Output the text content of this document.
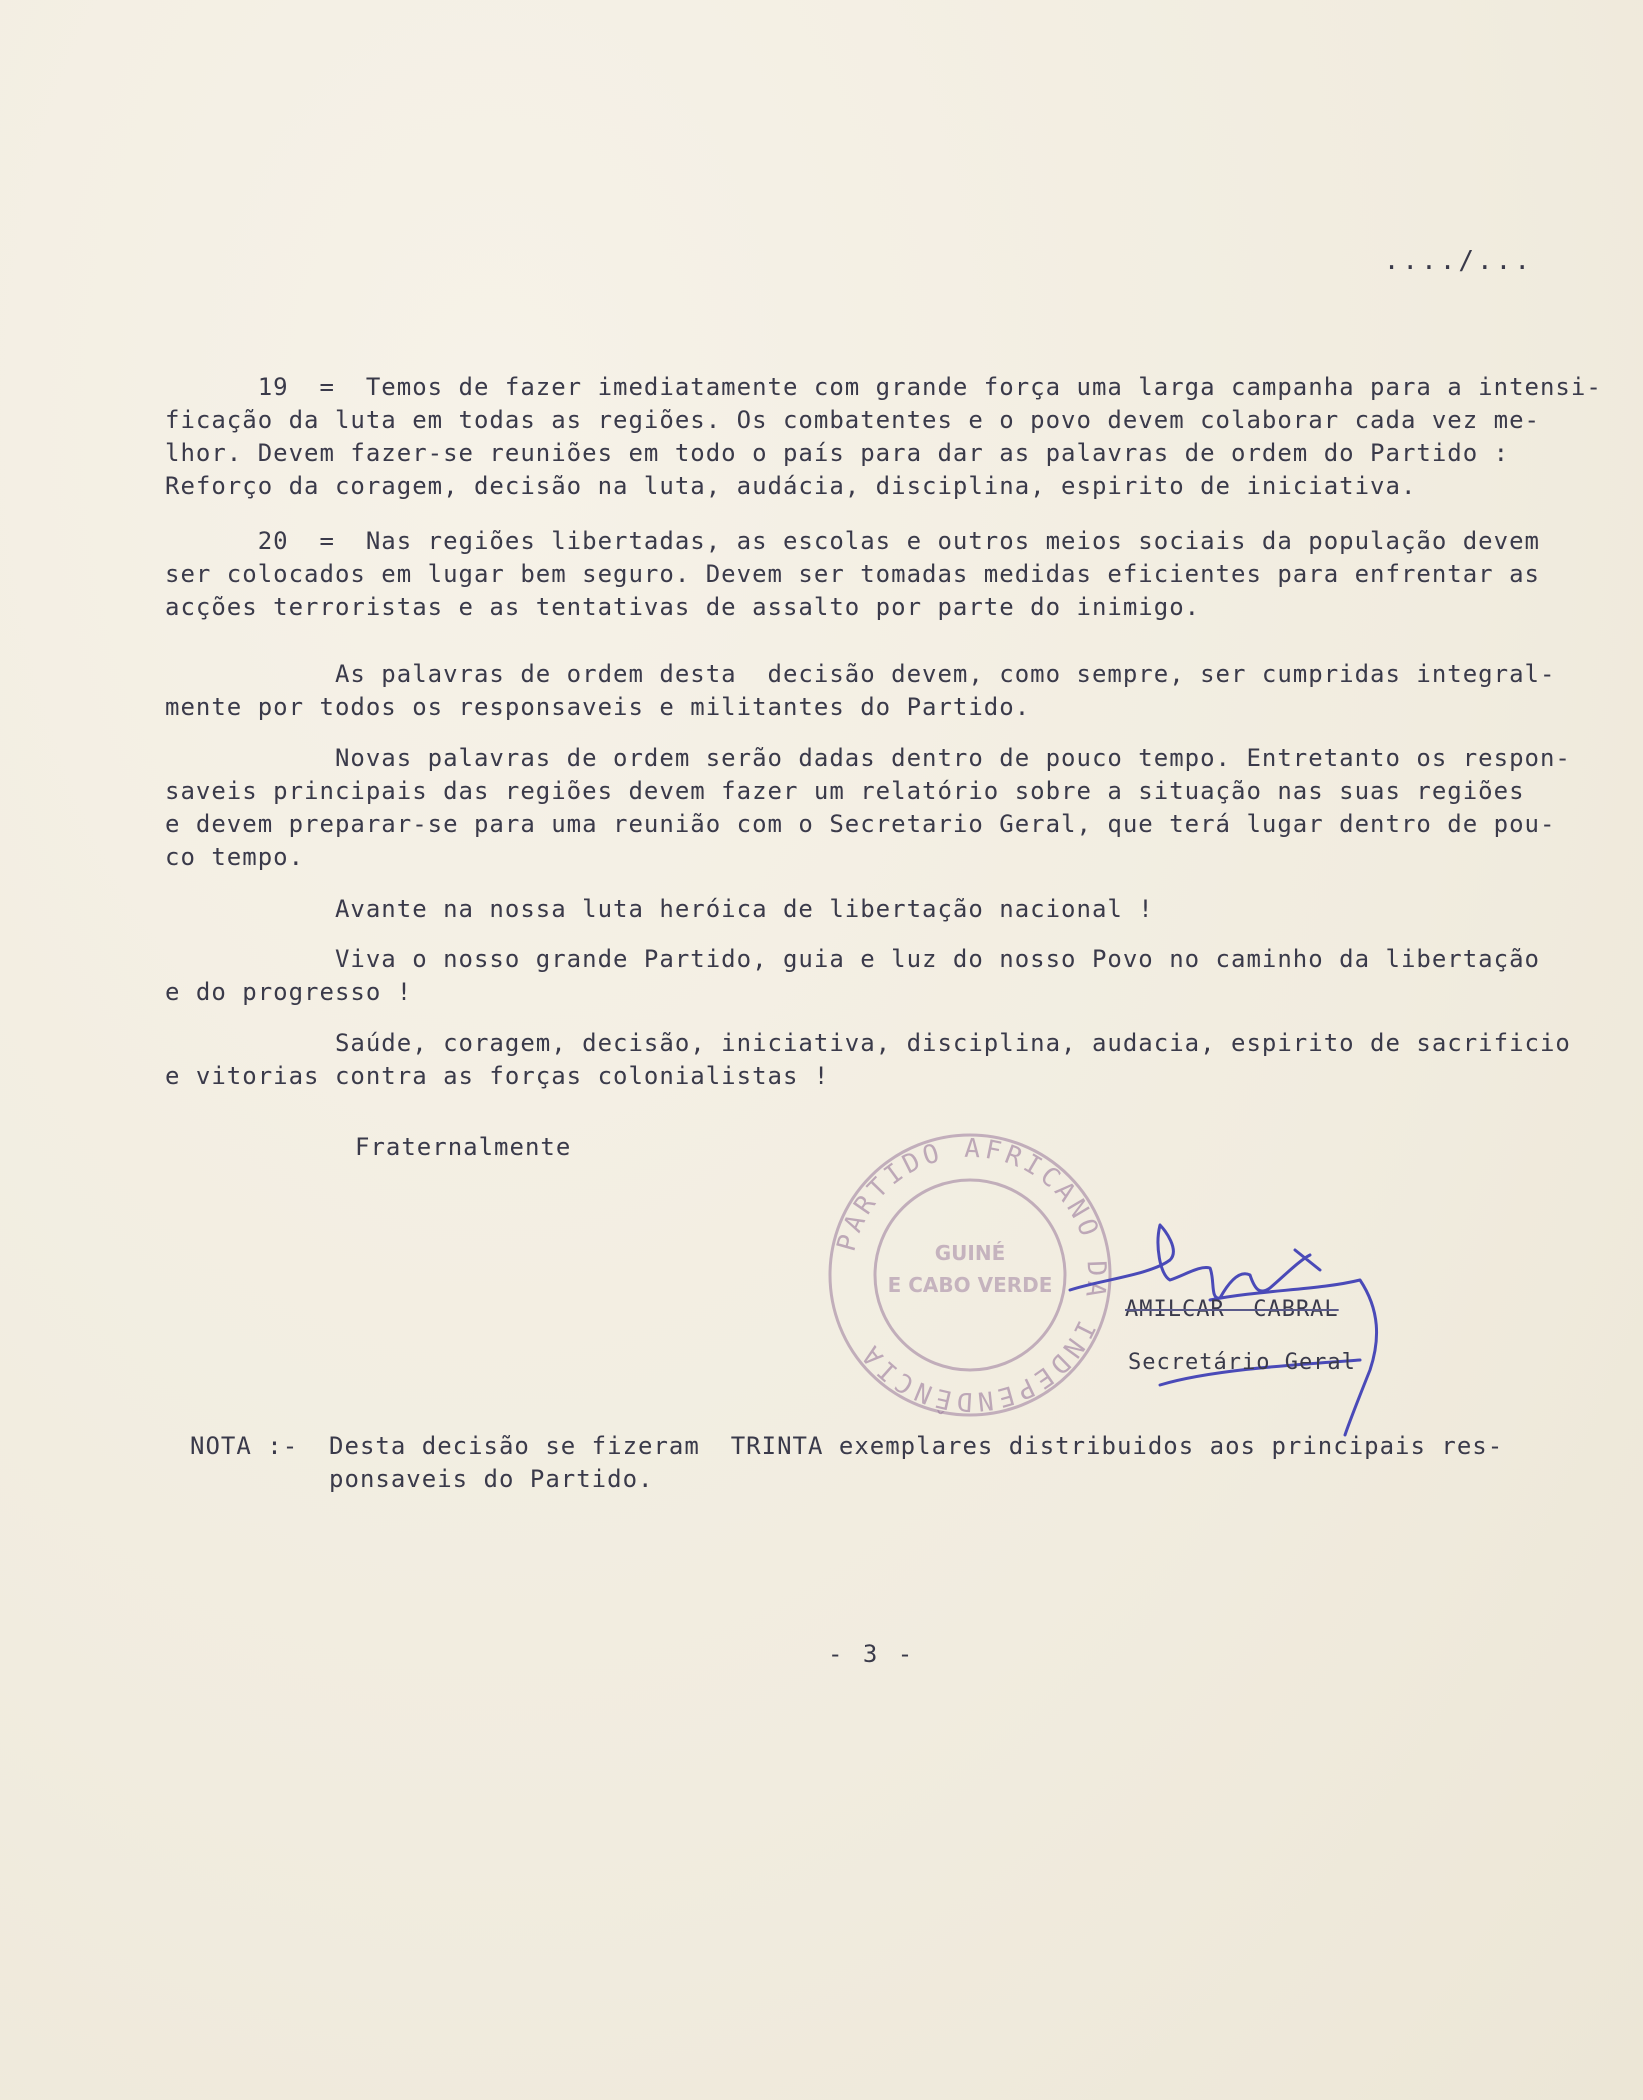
..../...
19  =  Temos de fazer imediatamente com grande força uma larga campanha para a intensi-
ficação da luta em todas as regiões. Os combatentes e o povo devem colaborar cada vez me-
lhor. Devem fazer-se reuniões em todo o país para dar as palavras de ordem do Partido :
Reforço da coragem, decisão na luta, audácia, disciplina, espirito de iniciativa.
20  =  Nas regiões libertadas, as escolas e outros meios sociais da população devem
ser colocados em lugar bem seguro. Devem ser tomadas medidas eficientes para enfrentar as
acções terroristas e as tentativas de assalto por parte do inimigo.
As palavras de ordem desta  decisão devem, como sempre, ser cumpridas integral-
mente por todos os responsaveis e militantes do Partido.
Novas palavras de ordem serão dadas dentro de pouco tempo. Entretanto os respon-
saveis principais das regiões devem fazer um relatório sobre a situação nas suas regiões
e devem preparar-se para uma reunião com o Secretario Geral, que terá lugar dentro de pou-
co tempo.
Avante na nossa luta heróica de libertação nacional !
Viva o nosso grande Partido, guia e luz do nosso Povo no caminho da libertação
e do progresso !
Saúde, coragem, decisão, iniciativa, disciplina, audacia, espirito de sacrificio
e vitorias contra as forças colonialistas !
Fraternalmente
PARTIDO AFRICANO DA INDEPENDÊNCIA
GUINÉ
E CABO VERDE
AMILCAR  CABRAL
Secretário Geral
NOTA :-  Desta decisão se fizeram  TRINTA exemplares distribuidos aos principais res-
ponsaveis do Partido.
- 3 -
